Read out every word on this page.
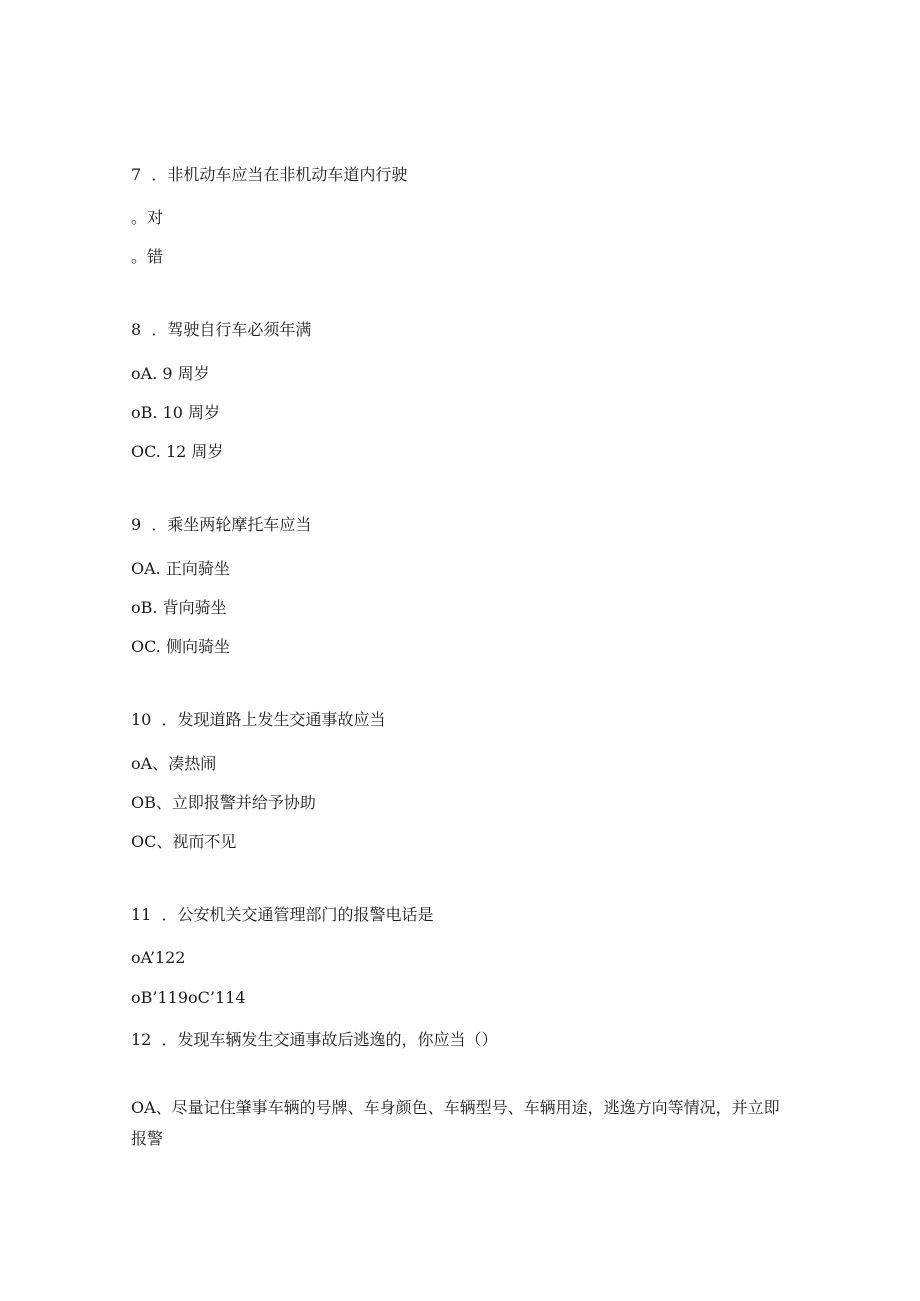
7 ．非机动车应当在非机动车道内行驶
。对
。错
8 ．驾驶自行车必须年满
oA. 9 周岁
oB. 10 周岁
OC. 12 周岁
9 ．乘坐两轮摩托车应当
OA. 正向骑坐
oB. 背向骑坐
OC. 侧向骑坐
10 ．发现道路上发生交通事故应当
oA、凑热闹
OB、立即报警并给予协助
OC、视而不见
11 ．公安机关交通管理部门的报警电话是
oA’122
oB’119oC’114
12 ．发现车辆发生交通事故后逃逸的，你应当（）
OA、尽量记住肇事车辆的号牌、车身颜色、车辆型号、车辆用途，逃逸方向等情况，并立即报警
